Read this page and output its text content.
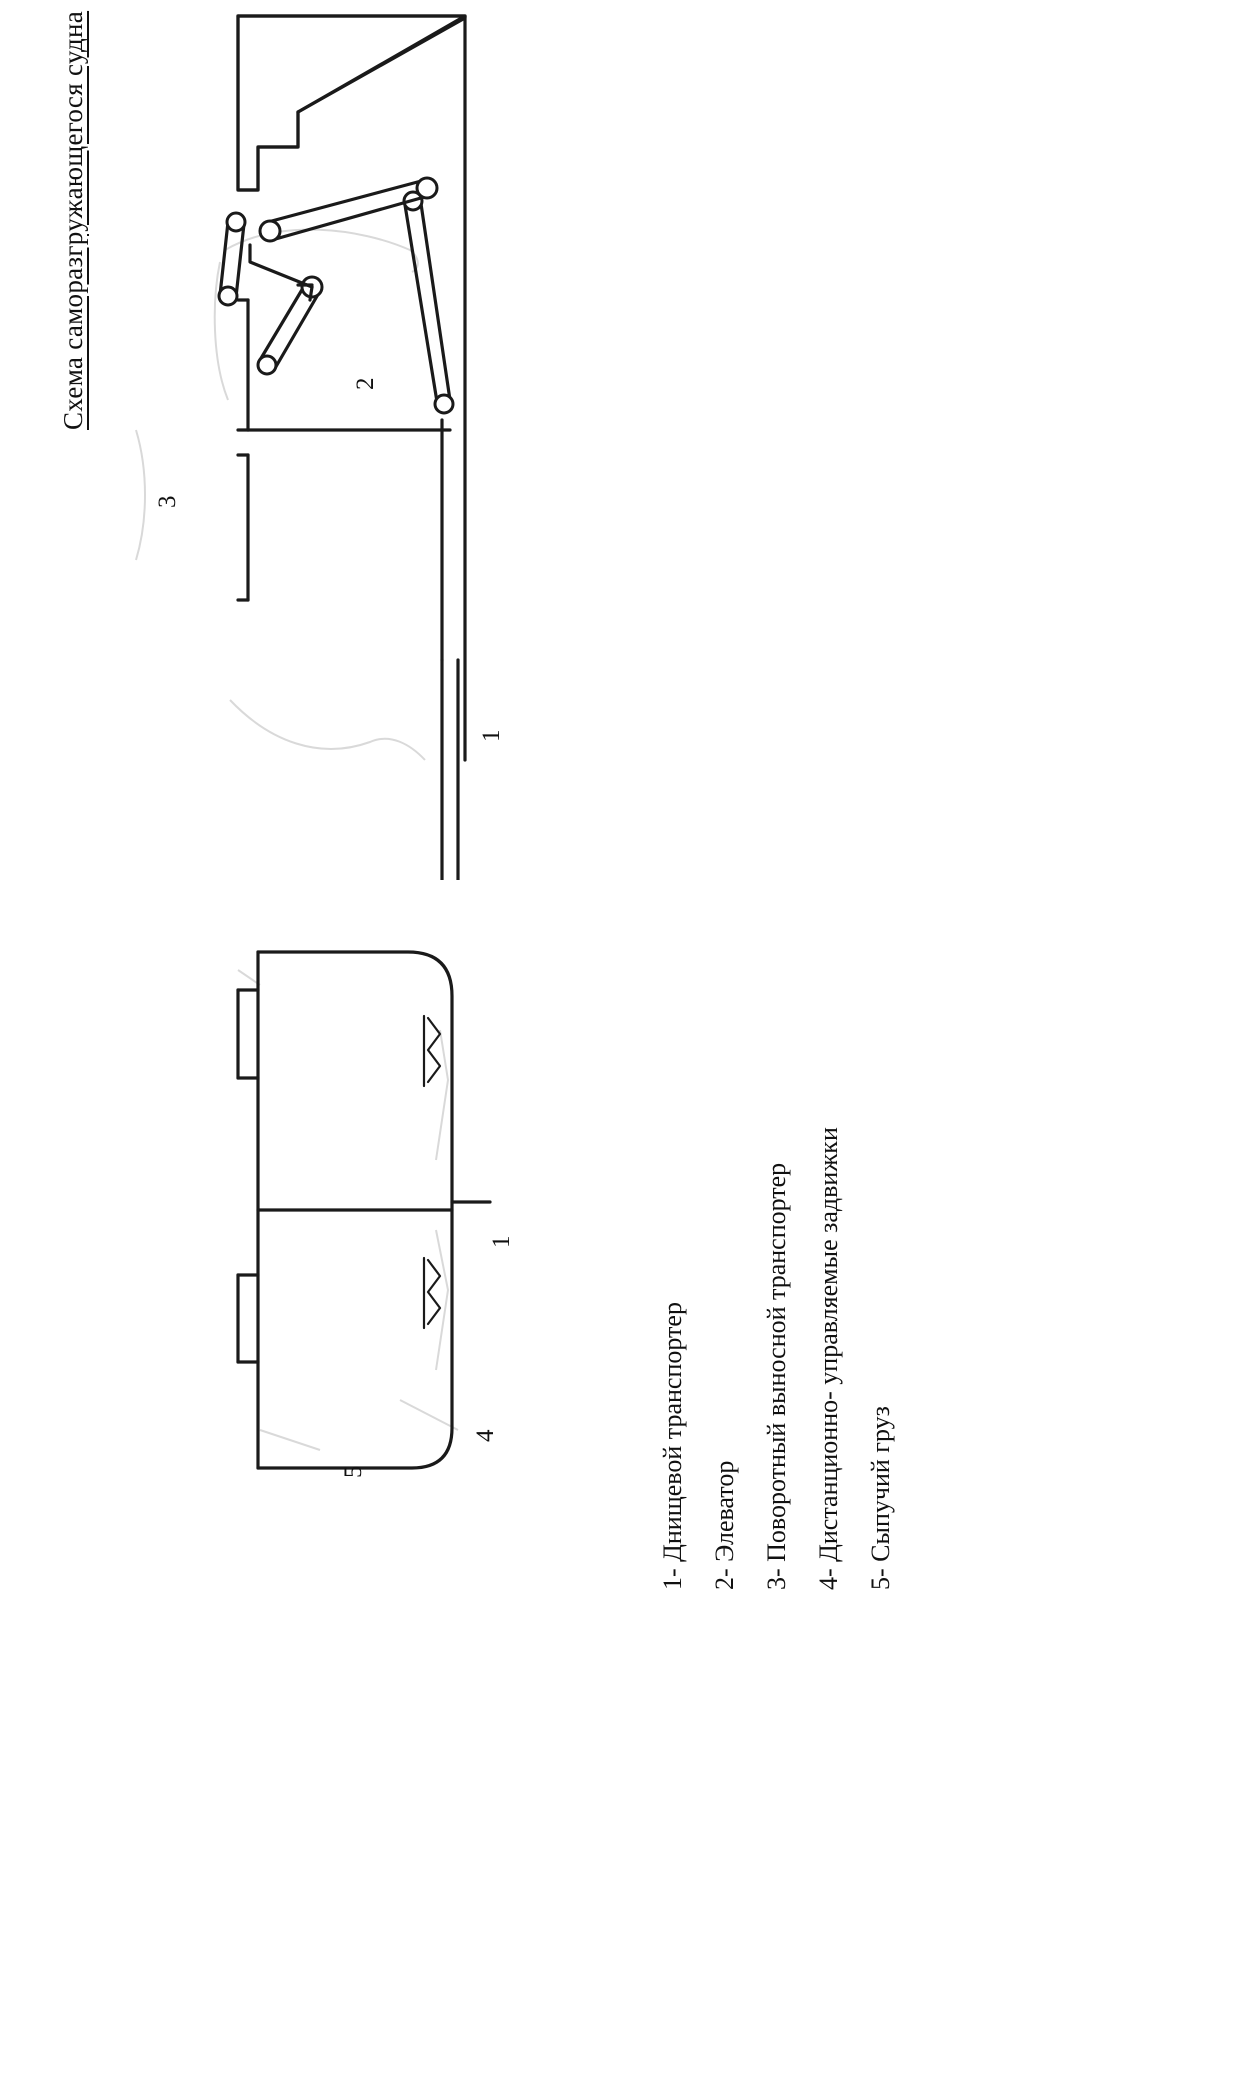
Схема саморазгружающегося судна	2
3
1
1
4
5	1- Днищевой транспортер 2- Элеватор 3- Поворотный выносной транспортер 4- Дистанционно- управляемые задвижки 5- Сыпучий груз
